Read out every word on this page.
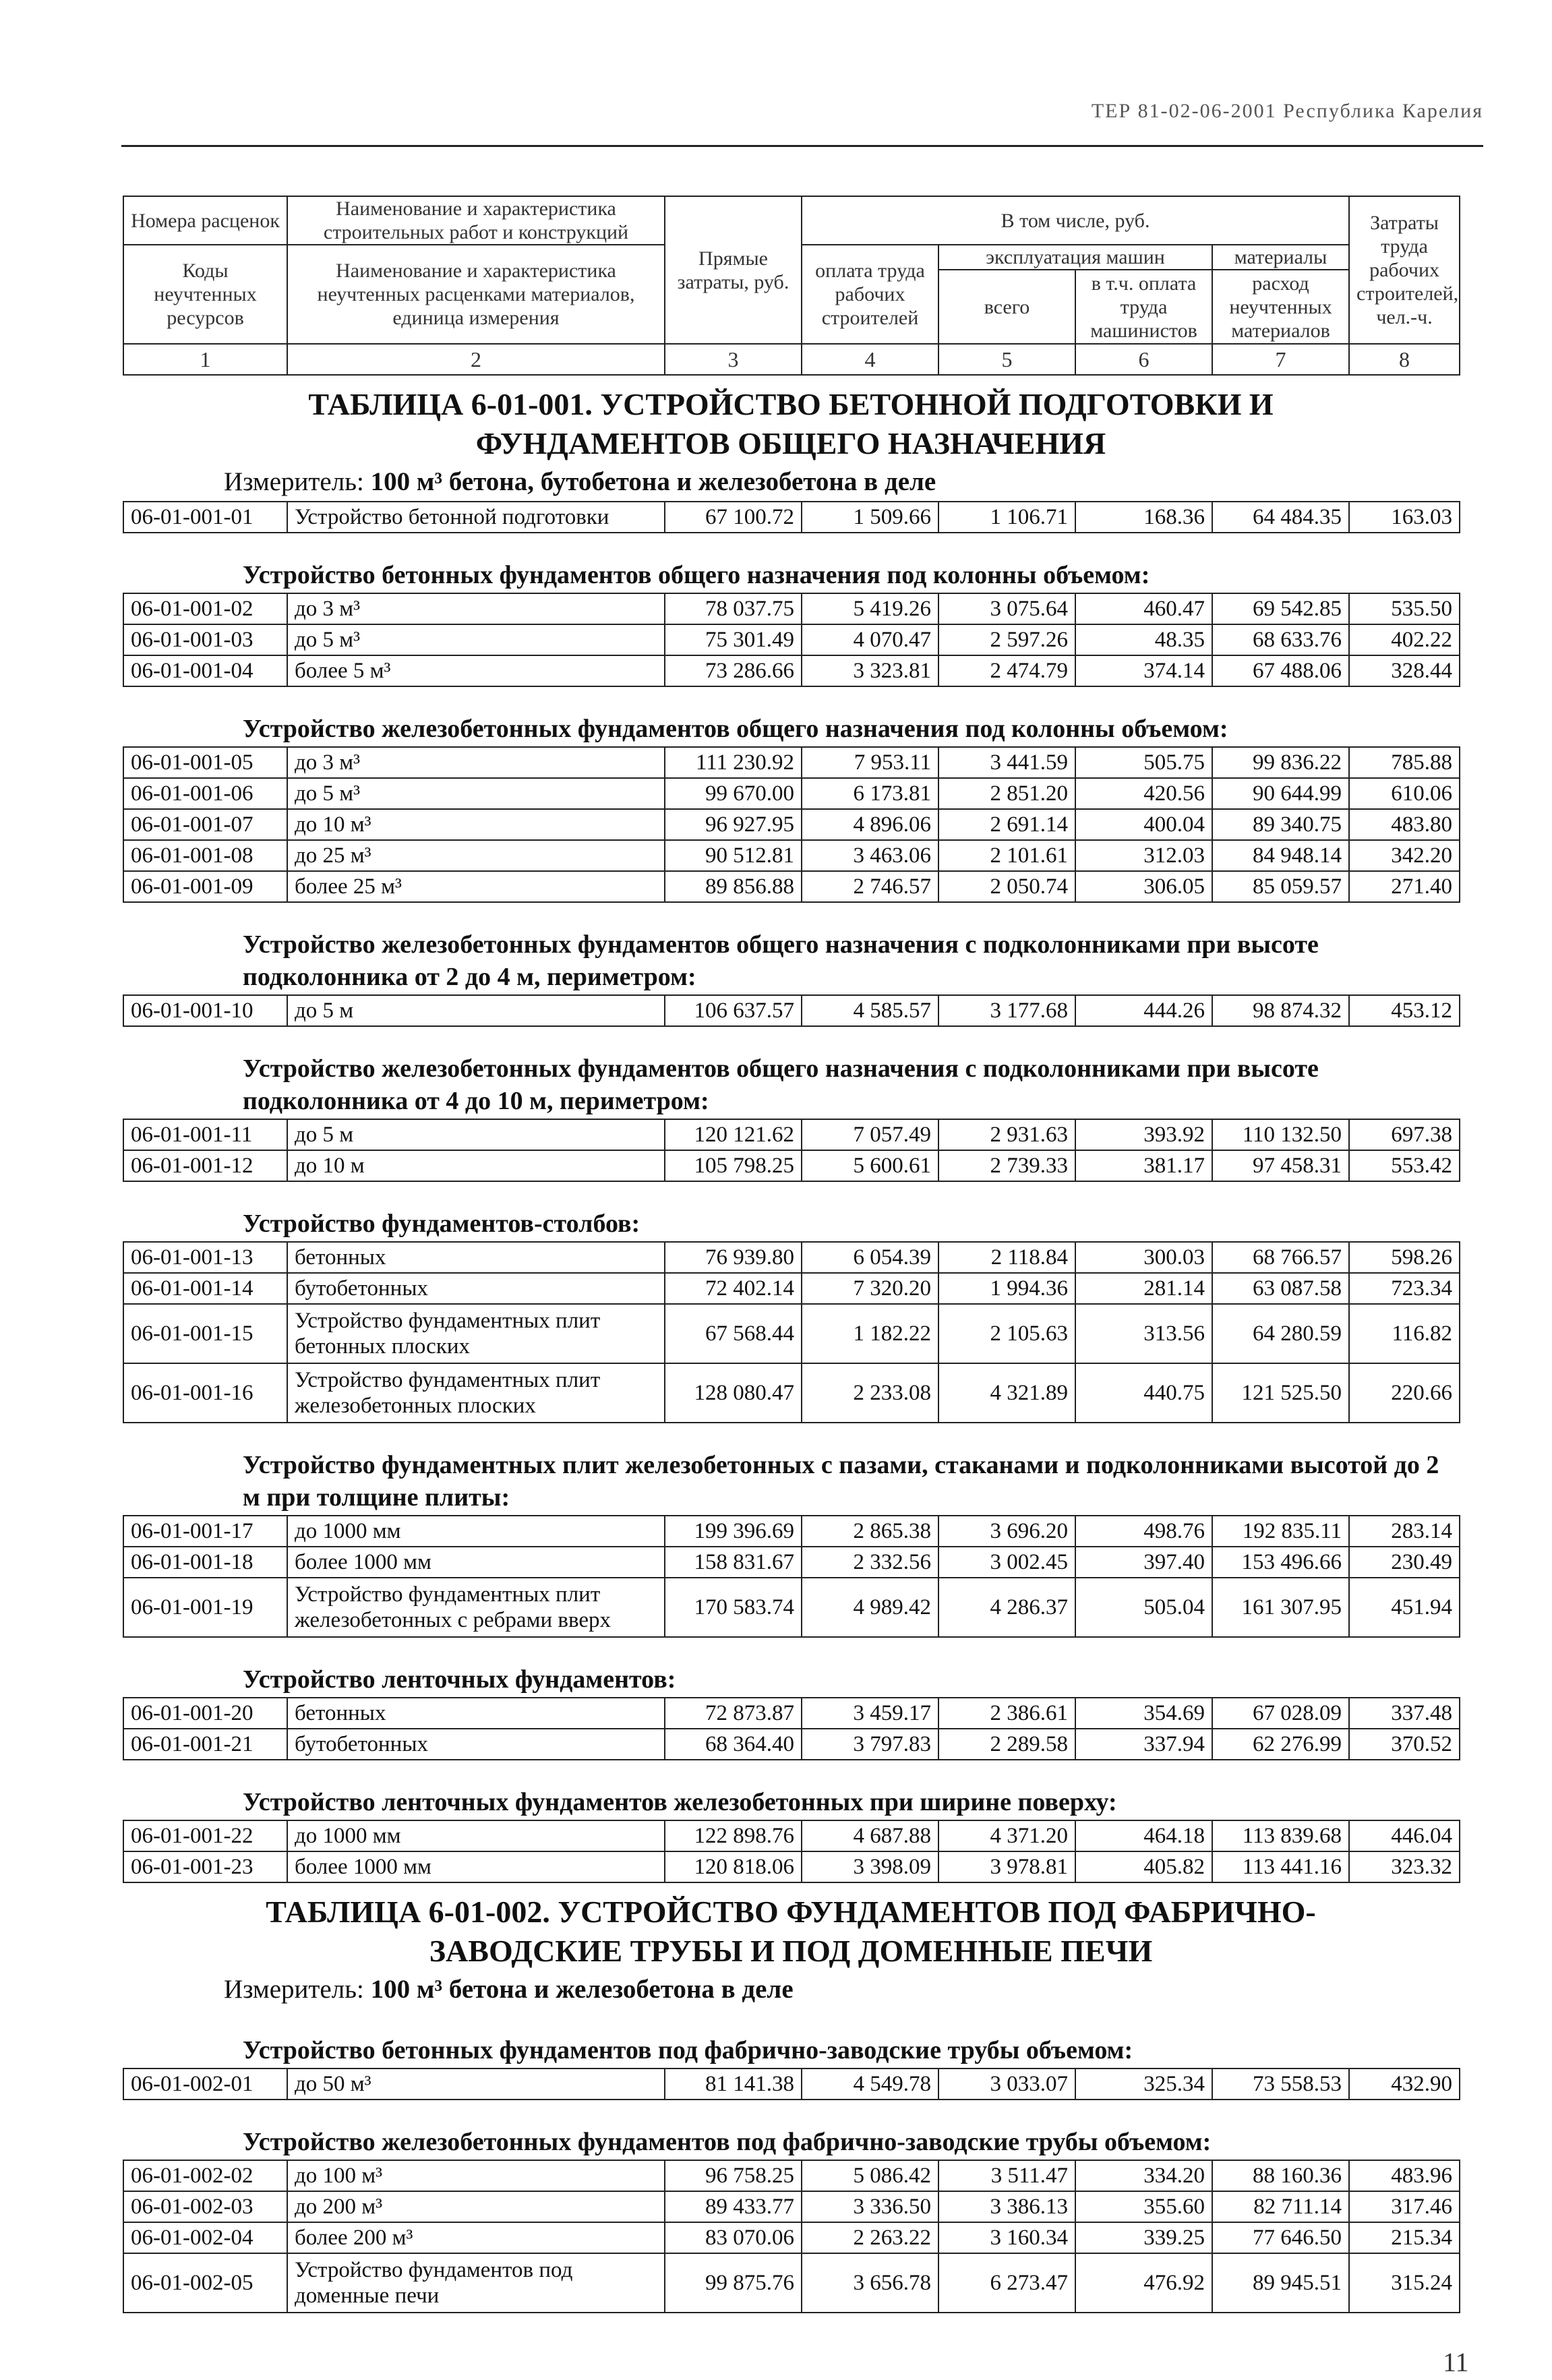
ТЕР 81-02-06-2001 Республика Карелия
Номера расценок	Наименование и характеристика строительных работ и конструкций	Прямые затраты, руб.	В том числе, руб.				Затраты труда рабочих строителей, чел.-ч.
Коды неучтенных ресурсов	Наименование и характеристика неучтенных расценками материалов, единица измерения		оплата труда рабочих строителей	эксплуатация машин		материалы	
				всего	в т.ч. оплата труда машинистов	расход неучтенных материалов	
1	2	3	4	5	6	7	8
ТАБЛИЦА 6-01-001. УСТРОЙСТВО БЕТОННОЙ ПОДГОТОВКИ И ФУНДАМЕНТОВ ОБЩЕГО НАЗНАЧЕНИЯ
Измеритель: 100 м³ бетона, бутобетона и железобетона в деле
06-01-001-01	Устройство бетонной подготовки	67 100.72	1 509.66	1 106.71	168.36	64 484.35	163.03
Устройство бетонных фундаментов общего назначения под колонны объемом:
06-01-001-02	до 3 м³	78 037.75	5 419.26	3 075.64	460.47	69 542.85	535.50
06-01-001-03	до 5 м³	75 301.49	4 070.47	2 597.26	48.35	68 633.76	402.22
06-01-001-04	более 5 м³	73 286.66	3 323.81	2 474.79	374.14	67 488.06	328.44
Устройство железобетонных фундаментов общего назначения под колонны объемом:
06-01-001-05	до 3 м³	111 230.92	7 953.11	3 441.59	505.75	99 836.22	785.88
06-01-001-06	до 5 м³	99 670.00	6 173.81	2 851.20	420.56	90 644.99	610.06
06-01-001-07	до 10 м³	96 927.95	4 896.06	2 691.14	400.04	89 340.75	483.80
06-01-001-08	до 25 м³	90 512.81	3 463.06	2 101.61	312.03	84 948.14	342.20
06-01-001-09	более 25 м³	89 856.88	2 746.57	2 050.74	306.05	85 059.57	271.40
Устройство железобетонных фундаментов общего назначения с подколонниками при высоте подколонника от 2 до 4 м, периметром:
06-01-001-10	до 5 м	106 637.57	4 585.57	3 177.68	444.26	98 874.32	453.12
Устройство железобетонных фундаментов общего назначения с подколонниками при высоте подколонника от 4 до 10 м, периметром:
06-01-001-11	до 5 м	120 121.62	7 057.49	2 931.63	393.92	110 132.50	697.38
06-01-001-12	до 10 м	105 798.25	5 600.61	2 739.33	381.17	97 458.31	553.42
Устройство фундаментов-столбов:
06-01-001-13	бетонных	76 939.80	6 054.39	2 118.84	300.03	68 766.57	598.26
06-01-001-14	бутобетонных	72 402.14	7 320.20	1 994.36	281.14	63 087.58	723.34
06-01-001-15	Устройство фундаментных плит бетонных плоских	67 568.44	1 182.22	2 105.63	313.56	64 280.59	116.82
06-01-001-16	Устройство фундаментных плит железобетонных плоских	128 080.47	2 233.08	4 321.89	440.75	121 525.50	220.66
Устройство фундаментных плит железобетонных с пазами, стаканами и подколонниками высотой до 2 м при толщине плиты:
06-01-001-17	до 1000 мм	199 396.69	2 865.38	3 696.20	498.76	192 835.11	283.14
06-01-001-18	более 1000 мм	158 831.67	2 332.56	3 002.45	397.40	153 496.66	230.49
06-01-001-19	Устройство фундаментных плит железобетонных с ребрами вверх	170 583.74	4 989.42	4 286.37	505.04	161 307.95	451.94
Устройство ленточных фундаментов:
06-01-001-20	бетонных	72 873.87	3 459.17	2 386.61	354.69	67 028.09	337.48
06-01-001-21	бутобетонных	68 364.40	3 797.83	2 289.58	337.94	62 276.99	370.52
Устройство ленточных фундаментов железобетонных при ширине поверху:
06-01-001-22	до 1000 мм	122 898.76	4 687.88	4 371.20	464.18	113 839.68	446.04
06-01-001-23	более 1000 мм	120 818.06	3 398.09	3 978.81	405.82	113 441.16	323.32
ТАБЛИЦА 6-01-002. УСТРОЙСТВО ФУНДАМЕНТОВ ПОД ФАБРИЧНО-ЗАВОДСКИЕ ТРУБЫ И ПОД ДОМЕННЫЕ ПЕЧИ
Измеритель: 100 м³ бетона и железобетона в деле
Устройство бетонных фундаментов под фабрично-заводские трубы объемом:
06-01-002-01	до 50 м³	81 141.38	4 549.78	3 033.07	325.34	73 558.53	432.90
Устройство железобетонных фундаментов под фабрично-заводские трубы объемом:
06-01-002-02	до 100 м³	96 758.25	5 086.42	3 511.47	334.20	88 160.36	483.96
06-01-002-03	до 200 м³	89 433.77	3 336.50	3 386.13	355.60	82 711.14	317.46
06-01-002-04	более 200 м³	83 070.06	2 263.22	3 160.34	339.25	77 646.50	215.34
06-01-002-05	Устройство фундаментов под доменные печи	99 875.76	3 656.78	6 273.47	476.92	89 945.51	315.24
11
